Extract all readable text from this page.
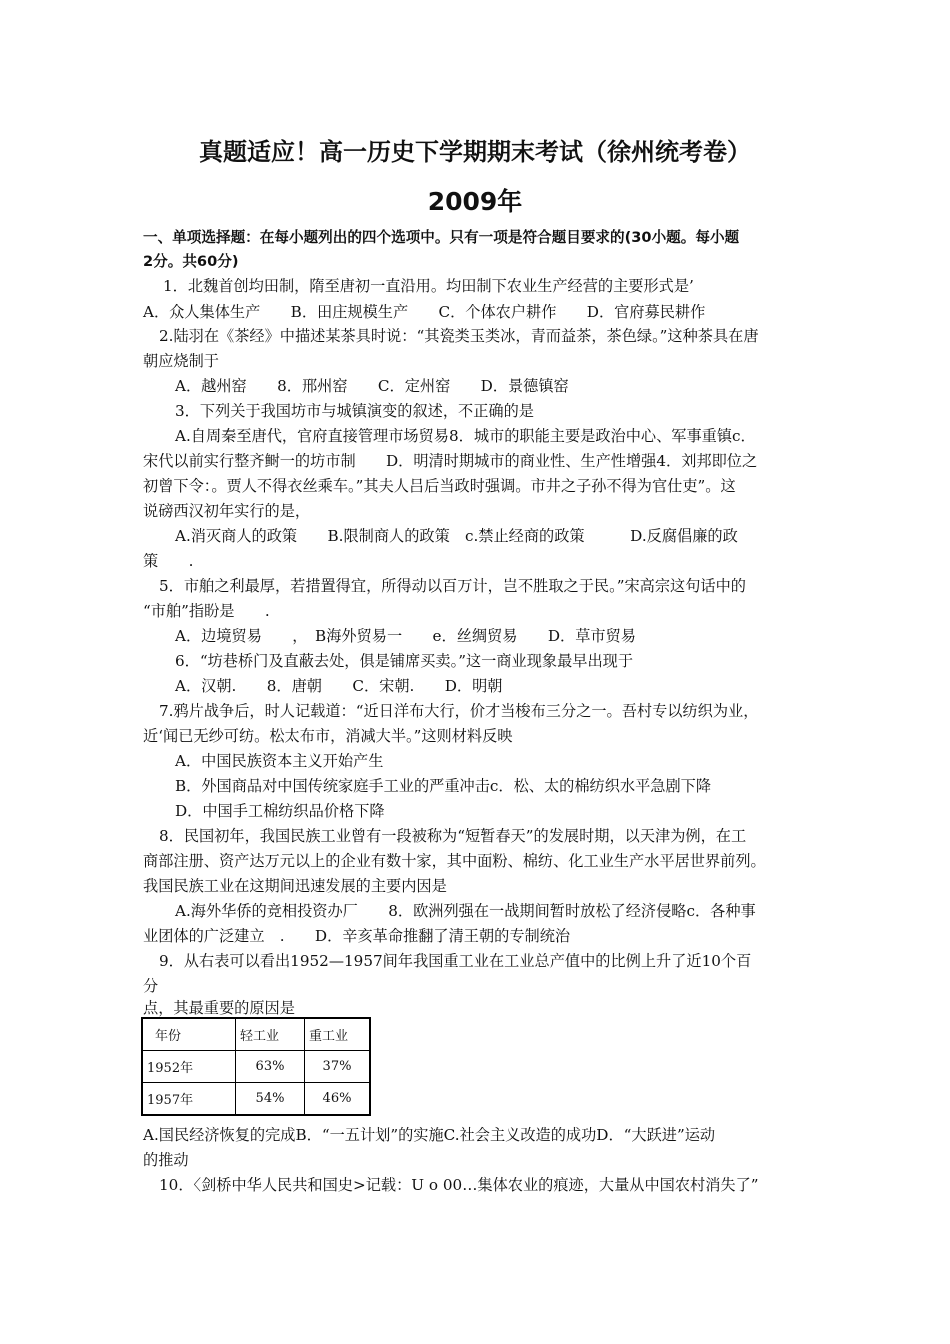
真题适应！高一历史下学期期末考试（徐州统考卷）
2009年
一、单项选择题：在每小题列出的四个选项中。只有一项是符合题目要求的(30小题。每小题
2分。共60分)
1．北魏首创均田制，隋至唐初一直沿用。均田制下农业生产经营的主要形式是’
A．众人集体生产　　B．田庄规模生产　　C．个体农户耕作　　D．官府募民耕作
2.陆羽在《茶经》中描述某茶具时说：“其瓷类玉类冰，青而益茶，茶色绿。”这种茶具在唐
朝应烧制于
A．越州窑　　8．邢州窑　　C．定州窑　　D．景德镇窑
3．下列关于我国坊市与城镇演变的叙述，不正确的是
A.自周秦至唐代，官府直接管理市场贸易8．城市的职能主要是政治中心、军事重镇c．
宋代以前实行整齐鲥一的坊市制　　D．明清时期城市的商业性、生产性增强4．刘邦即位之
初曾下令：。贾人不得衣丝乘车。”其夫人吕后当政时强调。市井之子孙不得为官仕吏”。这
说磅西汉初年实行的是，
A.消灭商人的政策　　B.限制商人的政策　c.禁止经商的政策　　　D.反腐倡廉的政
策　　.
5．市舶之利最厚，若措置得宜，所得动以百万计，岂不胜取之于民。”宋高宗这句话中的
“市舶”指盼是　　.
A．边境贸易　　，　B海外贸易一　　e．丝绸贸易　　D．草市贸易
6．“坊巷桥门及直蔽去处，俱是铺席买卖。”这一商业现象最早出现于
A．汉朝.　　8．唐朝　　C．宋朝.　　D．明朝
7.鸦片战争后，时人记载道：“近日洋布大行，价才当梭布三分之一。吾村专以纺织为业，
近‘闻已无纱可纺。松太布市，消减大半。”这则材料反映
A．中国民族资本主义开始产生
B．外国商品对中国传统家庭手工业的严重冲击c．松、太的棉纺织水平急剧下降
D．中国手工棉纺织品价格下降
8．民国初年，我国民族工业曾有一段被称为“短暂春天”的发展时期，以天津为例，在工
商部注册、资产达万元以上的企业有数十家，其中面粉、棉纺、化工业生产水平居世界前列。
我国民族工业在这期间迅速发展的主要内因是
A.海外华侨的竞相投资办厂　　8．欧洲列强在一战期间暂时放松了经济侵略c．各种事
业团体的广泛建立　.　　D．辛亥革命推翻了清王朝的专制统治
9．从右表可以看出1952—1957间年我国重工业在工业总产值中的比例上升了近10个百
分
点，其最重要的原因是
年份	轻工业	重工业
1952年	63%	37%
1957年	54%	46%
A.国民经济恢复的完成B．“一五计划”的实施C.社会主义改造的成功D．“大跃进”运动
的推动
10．〈剑桥中华人民共和国史>记载：U o 00…集体农业的痕迹，大量从中国农村消失了”
